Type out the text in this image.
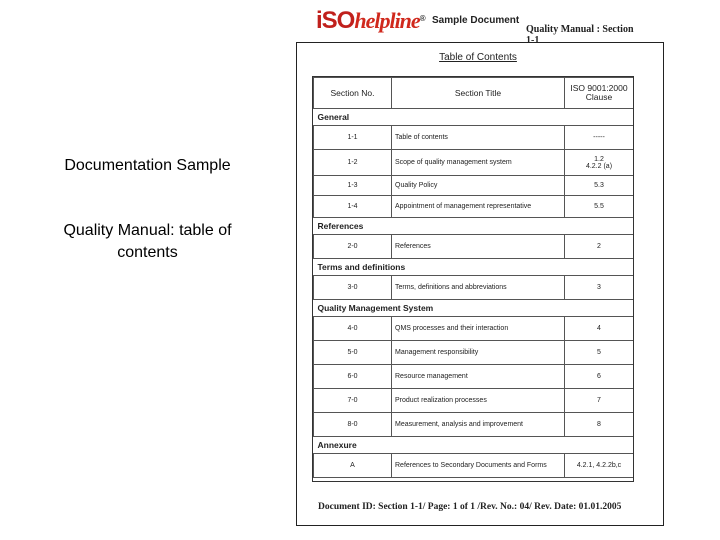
Documentation Sample
Quality Manual: table of contents
iSOhelpline® Sample Document
Quality Manual : Section 1-1
Table of Contents
Section No.	Section Title	ISO 9001:2000 Clause
General		
1-1	Table of contents	-----
1-2	Scope of quality management system	1.2
4.2.2 (a)
1-3	Quality Policy	5.3
1-4	Appointment of management representative	5.5
References		
2-0	References	2
Terms and definitions		
3-0	Terms, definitions and abbreviations	3
Quality Management System		
4-0	QMS processes and their interaction	4
5-0	Management responsibility	5
6-0	Resource management	6
7-0	Product realization processes	7
8-0	Measurement, analysis and improvement	8
Annexure		
A	References to Secondary Documents and Forms	4.2.1, 4.2.2b,c
Document ID: Section 1-1/ Page: 1 of 1 /Rev. No.: 04/ Rev. Date: 01.01.2005
